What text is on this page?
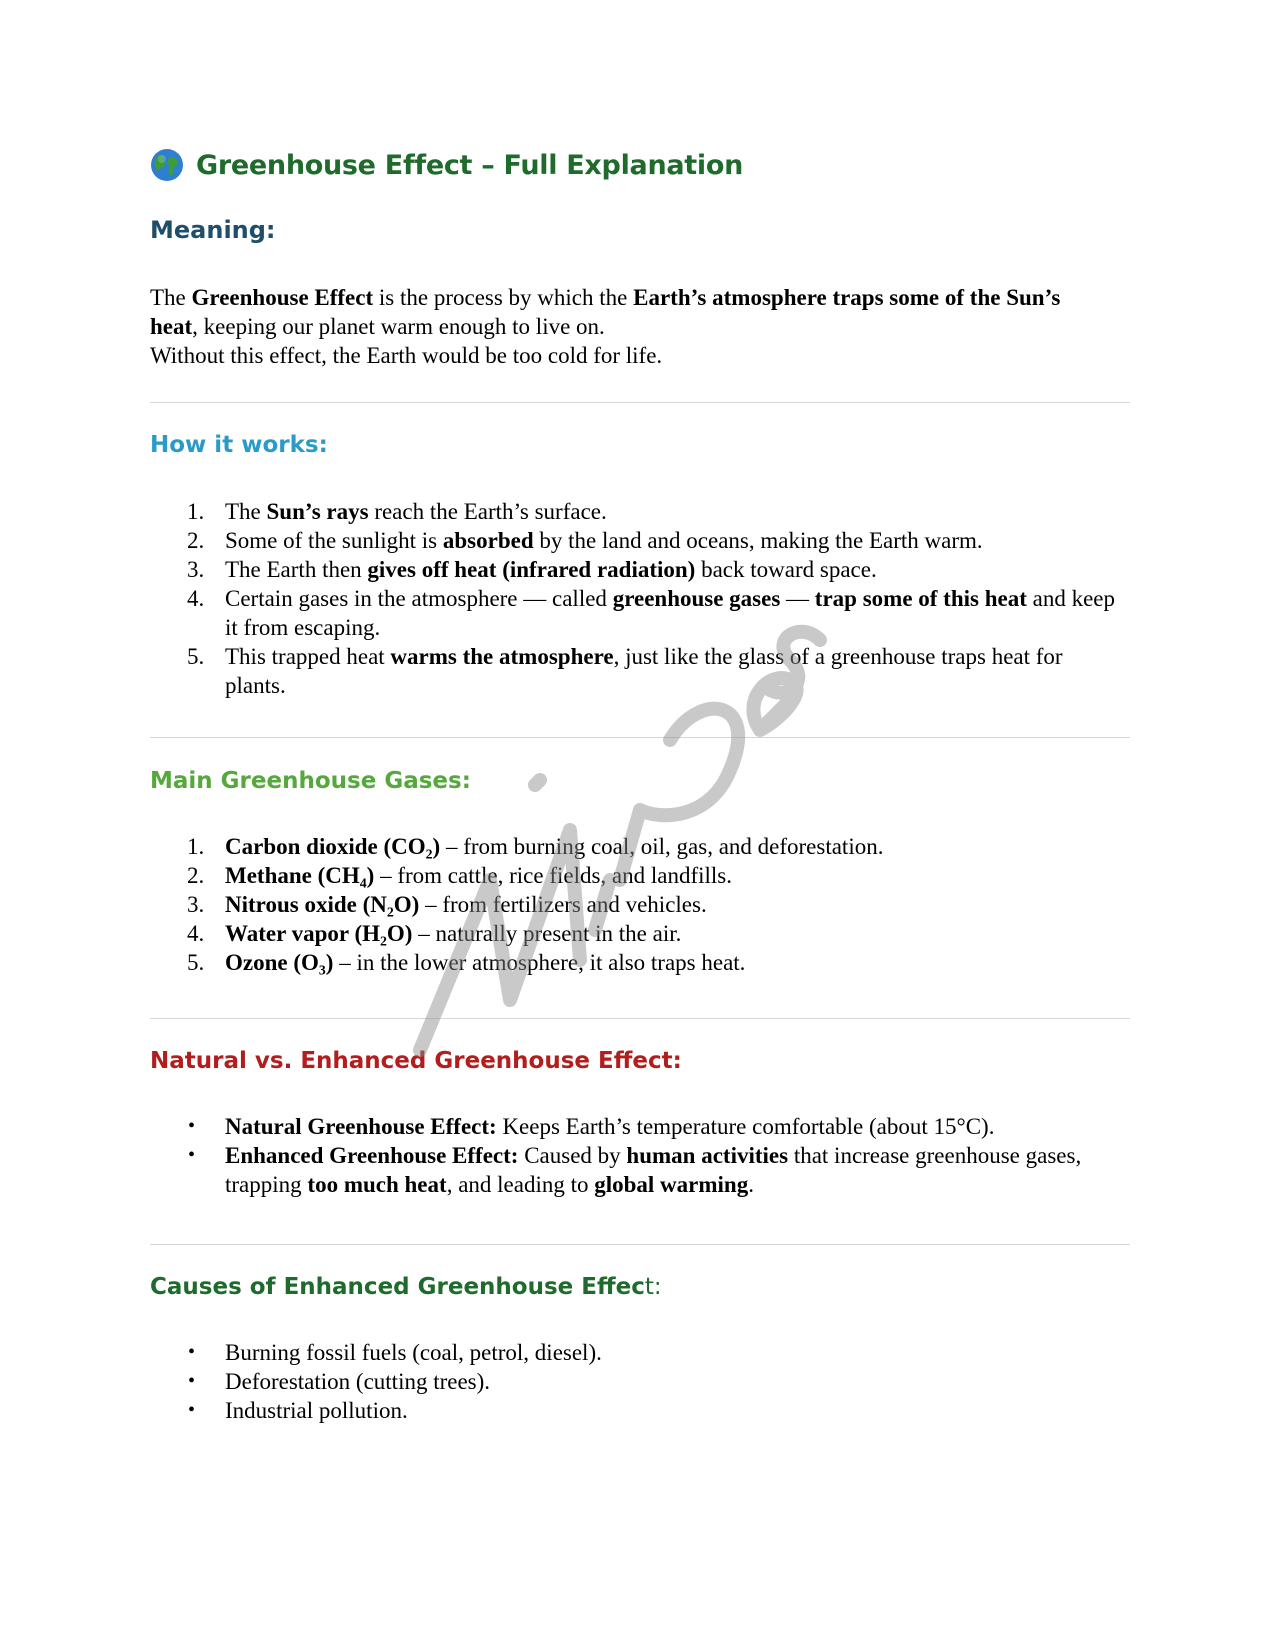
Greenhouse Effect – Full Explanation
Meaning:

The Greenhouse Effect is the process by which the Earth’s atmosphere traps some of the Sun’s heat, keeping our planet warm enough to live on.
Without this effect, the Earth would be too cold for life.

How it works:
1. The Sun’s rays reach the Earth’s surface.
2. Some of the sunlight is absorbed by the land and oceans, making the Earth warm.
3. The Earth then gives off heat (infrared radiation) back toward space.
4. Certain gases in the atmosphere — called greenhouse gases — trap some of this heat and keep it from escaping.
5. This trapped heat warms the atmosphere, just like the glass of a greenhouse traps heat for plants.
Main Greenhouse Gases:
1. Carbon dioxide (CO₂) – from burning coal, oil, gas, and deforestation.
2. Methane (CH₄) – from cattle, rice fields, and landfills.
3. Nitrous oxide (N₂O) – from fertilizers and vehicles.
4. Water vapor (H₂O) – naturally present in the air.
5. Ozone (O₃) – in the lower atmosphere, it also traps heat.
Natural vs. Enhanced Greenhouse Effect:
• Natural Greenhouse Effect: Keeps Earth’s temperature comfortable (about 15°C).
• Enhanced Greenhouse Effect: Caused by human activities that increase greenhouse gases, trapping too much heat, and leading to global warming.
Causes of Enhanced Greenhouse Effect:
• Burning fossil fuels (coal, petrol, diesel).
• Deforestation (cutting trees).
• Industrial pollution.
